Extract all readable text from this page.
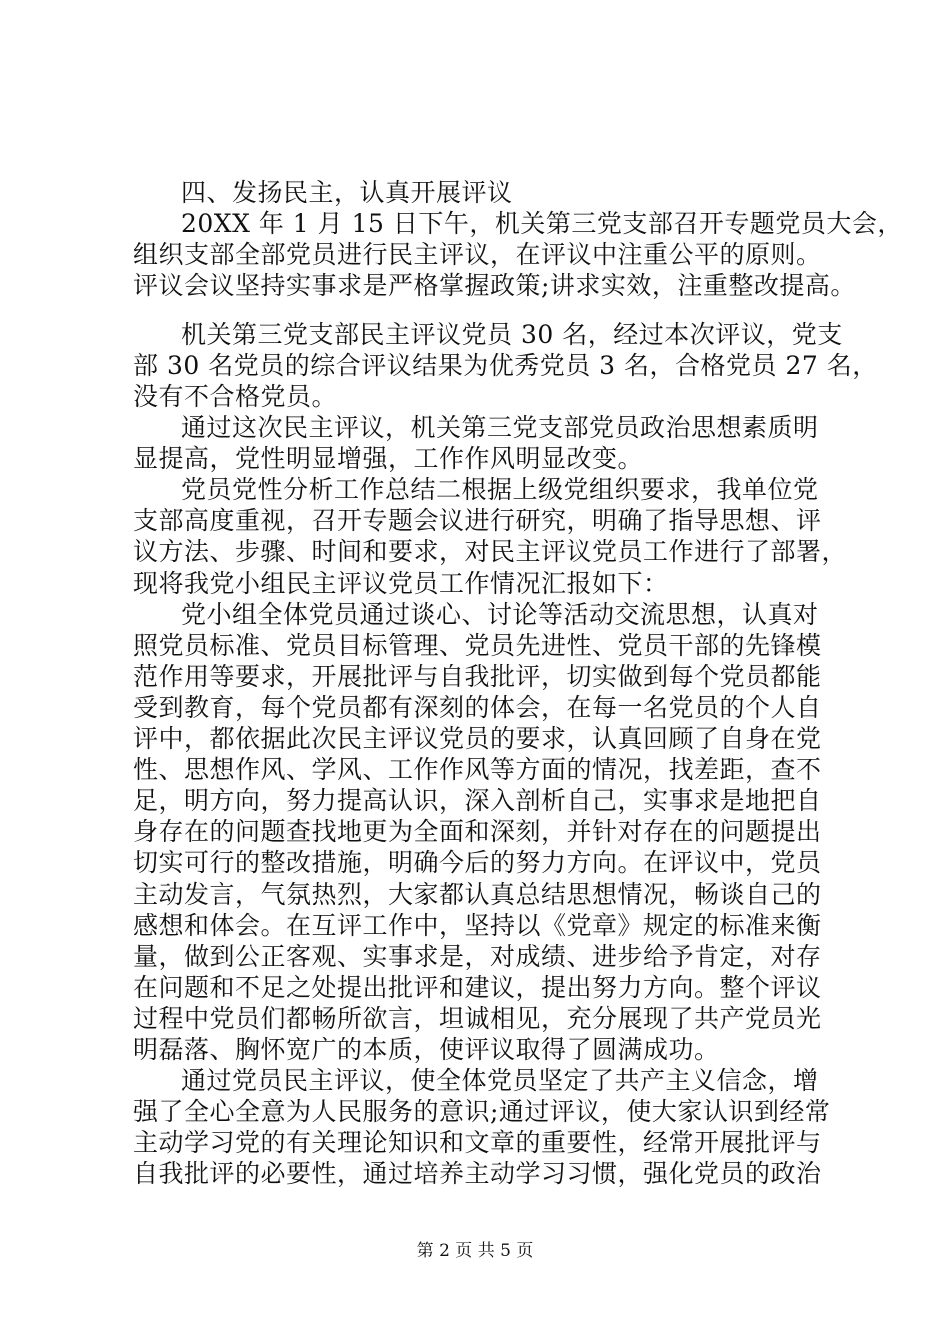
四、发扬民主，认真开展评议
20XX 年 1 月 15 日下午，机关第三党支部召开专题党员大会，
组织支部全部党员进行民主评议，在评议中注重公平的原则。
评议会议坚持实事求是严格掌握政策;讲求实效，注重整改提高。
机关第三党支部民主评议党员 30 名，经过本次评议，党支
部 30 名党员的综合评议结果为优秀党员 3 名，合格党员 27 名，
没有不合格党员。
通过这次民主评议，机关第三党支部党员政治思想素质明
显提高，党性明显增强，工作作风明显改变。
党员党性分析工作总结二根据上级党组织要求，我单位党
支部高度重视，召开专题会议进行研究，明确了指导思想、评
议方法、步骤、时间和要求，对民主评议党员工作进行了部署，
现将我党小组民主评议党员工作情况汇报如下：
党小组全体党员通过谈心、讨论等活动交流思想，认真对
照党员标准、党员目标管理、党员先进性、党员干部的先锋模
范作用等要求，开展批评与自我批评，切实做到每个党员都能
受到教育，每个党员都有深刻的体会，在每一名党员的个人自
评中，都依据此次民主评议党员的要求，认真回顾了自身在党
性、思想作风、学风、工作作风等方面的情况，找差距，查不
足，明方向，努力提高认识，深入剖析自己，实事求是地把自
身存在的问题查找地更为全面和深刻，并针对存在的问题提出
切实可行的整改措施，明确今后的努力方向。在评议中，党员
主动发言，气氛热烈，大家都认真总结思想情况，畅谈自己的
感想和体会。在互评工作中，坚持以《党章》规定的标准来衡
量，做到公正客观、实事求是，对成绩、进步给予肯定，对存
在问题和不足之处提出批评和建议，提出努力方向。整个评议
过程中党员们都畅所欲言，坦诚相见，充分展现了共产党员光
明磊落、胸怀宽广的本质，使评议取得了圆满成功。
通过党员民主评议，使全体党员坚定了共产主义信念，增
强了全心全意为人民服务的意识;通过评议，使大家认识到经常
主动学习党的有关理论知识和文章的重要性，经常开展批评与
自我批评的必要性，通过培养主动学习习惯，强化党员的政治
第 2 页 共 5 页
